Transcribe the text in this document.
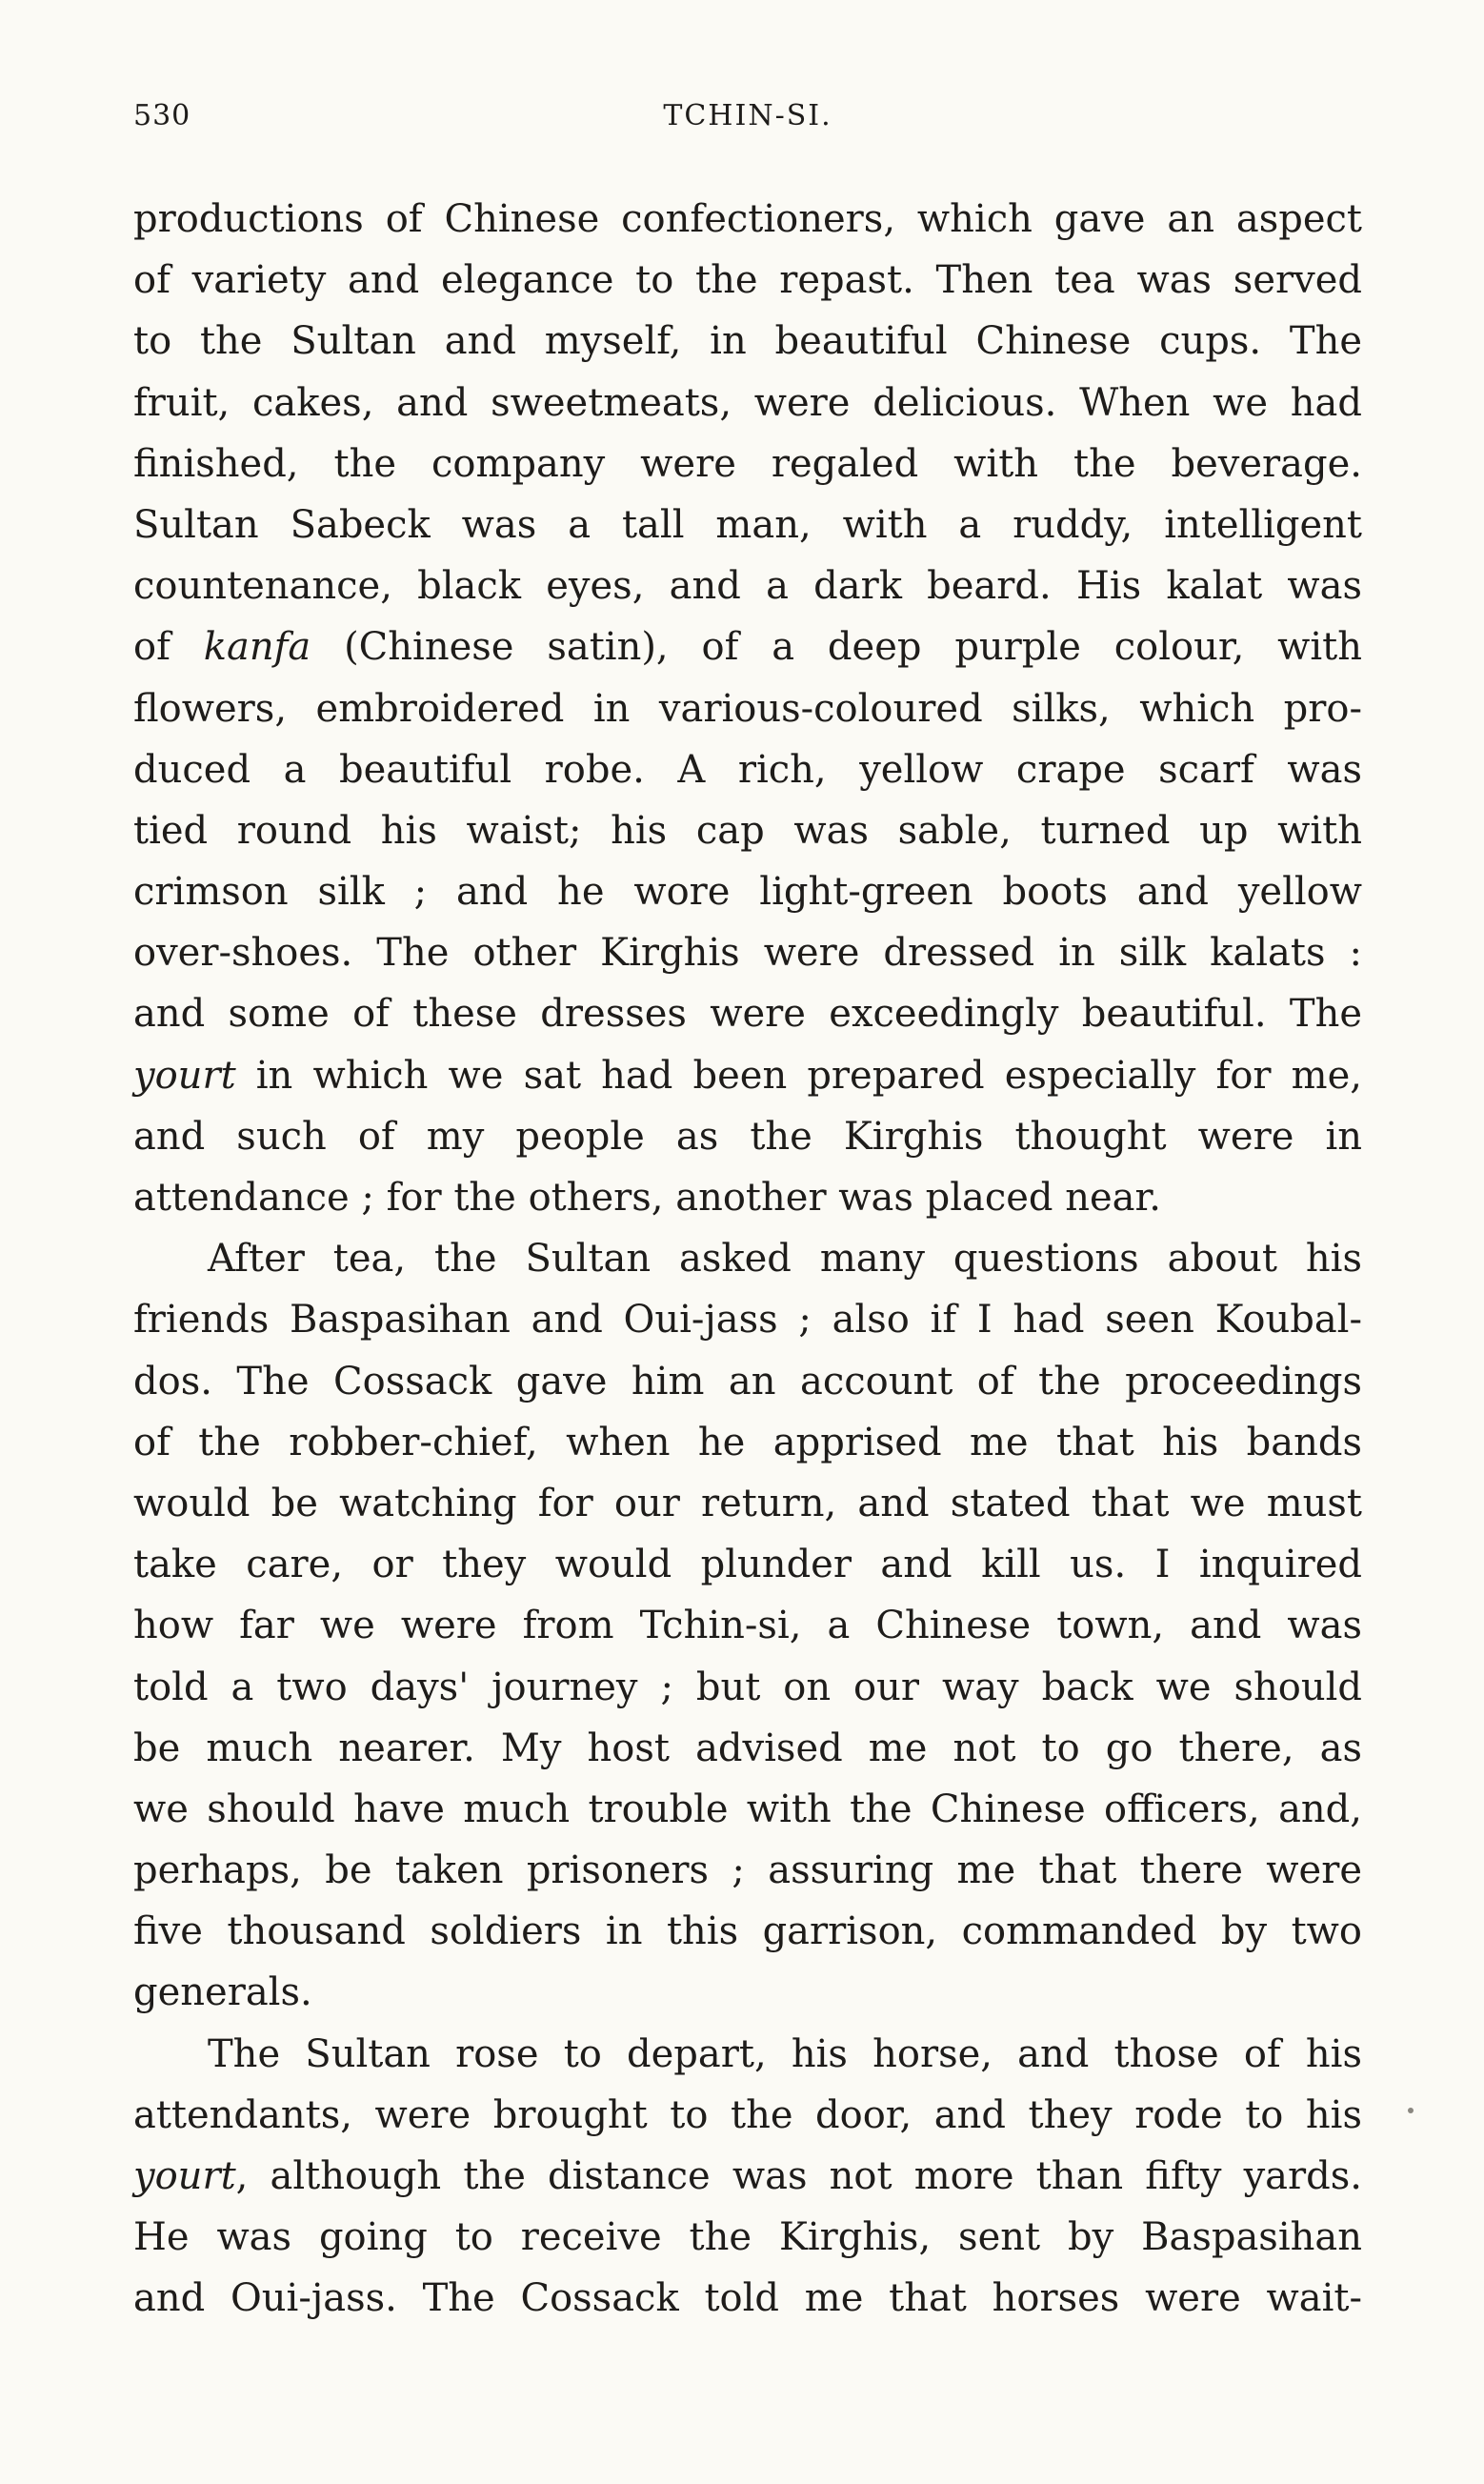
530	TCHIN-SI.
productions of Chinese confectioners, which gave an aspect
of variety and elegance to the repast. Then tea was served
to the Sultan and myself, in beautiful Chinese cups. The
fruit, cakes, and sweetmeats, were delicious. When we had
finished, the company were regaled with the beverage.
Sultan Sabeck was a tall man, with a ruddy, intelligent
countenance, black eyes, and a dark beard. His kalat was
of kanfa (Chinese satin), of a deep purple colour, with
flowers, embroidered in various-coloured silks, which pro-
duced a beautiful robe. A rich, yellow crape scarf was
tied round his waist; his cap was sable, turned up with
crimson silk ; and he wore light-green boots and yellow
over-shoes. The other Kirghis were dressed in silk kalats :
and some of these dresses were exceedingly beautiful. The
yourt in which we sat had been prepared especially for me,
and such of my people as the Kirghis thought were in
attendance ; for the others, another was placed near.
After tea, the Sultan asked many questions about his
friends Baspasihan and Oui-jass ; also if I had seen Koubal-
dos. The Cossack gave him an account of the proceedings
of the robber-chief, when he apprised me that his bands
would be watching for our return, and stated that we must
take care, or they would plunder and kill us. I inquired
how far we were from Tchin-si, a Chinese town, and was
told a two days' journey ; but on our way back we should
be much nearer. My host advised me not to go there, as
we should have much trouble with the Chinese officers, and,
perhaps, be taken prisoners ; assuring me that there were
five thousand soldiers in this garrison, commanded by two
generals.
The Sultan rose to depart, his horse, and those of his
attendants, were brought to the door, and they rode to his
yourt, although the distance was not more than fifty yards.
He was going to receive the Kirghis, sent by Baspasihan
and Oui-jass. The Cossack told me that horses were wait-
